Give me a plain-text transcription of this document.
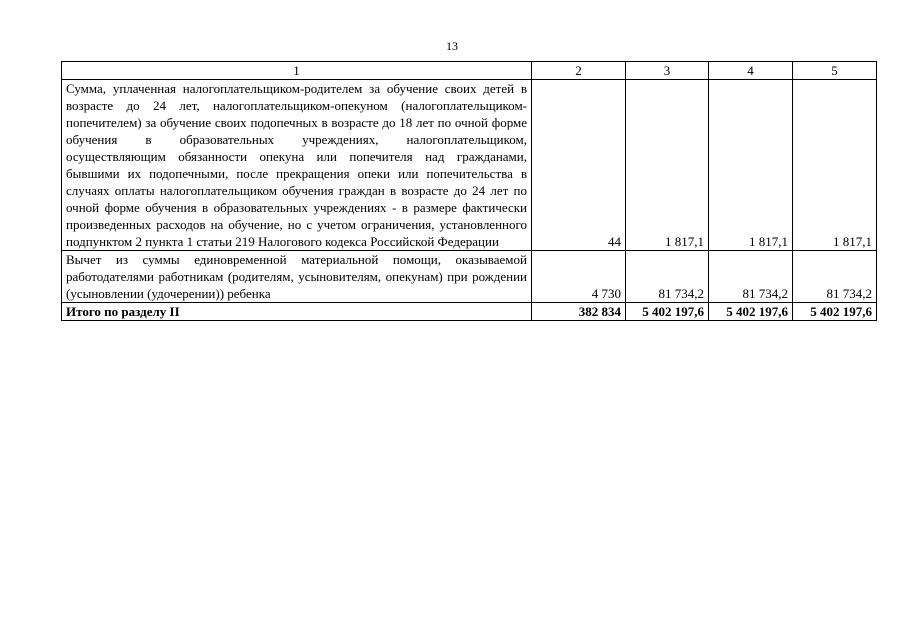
13
1	2	3	4	5
Сумма, уплаченная налогоплательщиком-родителем за обучение своих детей в возрасте до 24 лет, налогоплательщиком-опекуном (налогоплательщиком-попечителем) за обучение своих подопечных в возрасте до 18 лет по очной форме обучения в образовательных учреждениях, налогоплательщиком, осуществляющим обязанности опекуна или попечителя над гражданами, бывшими их подопечными, после прекращения опеки или попечительства в случаях оплаты налогоплательщиком обучения граждан в возрасте до 24 лет по очной форме обучения в образовательных учреждениях - в размере фактически произведенных расходов на обучение, но с учетом ограничения, установленного подпунктом 2 пункта 1 статьи 219 Налогового кодекса Российской Федерации	44	1 817,1	1 817,1	1 817,1
Вычет из суммы единовременной материальной помощи, оказываемой работодателями работникам (родителям, усыновителям, опекунам) при рождении (усыновлении (удочерении)) ребенка	4 730	81 734,2	81 734,2	81 734,2
Итого по разделу II	382 834	5 402 197,6	5 402 197,6	5 402 197,6
